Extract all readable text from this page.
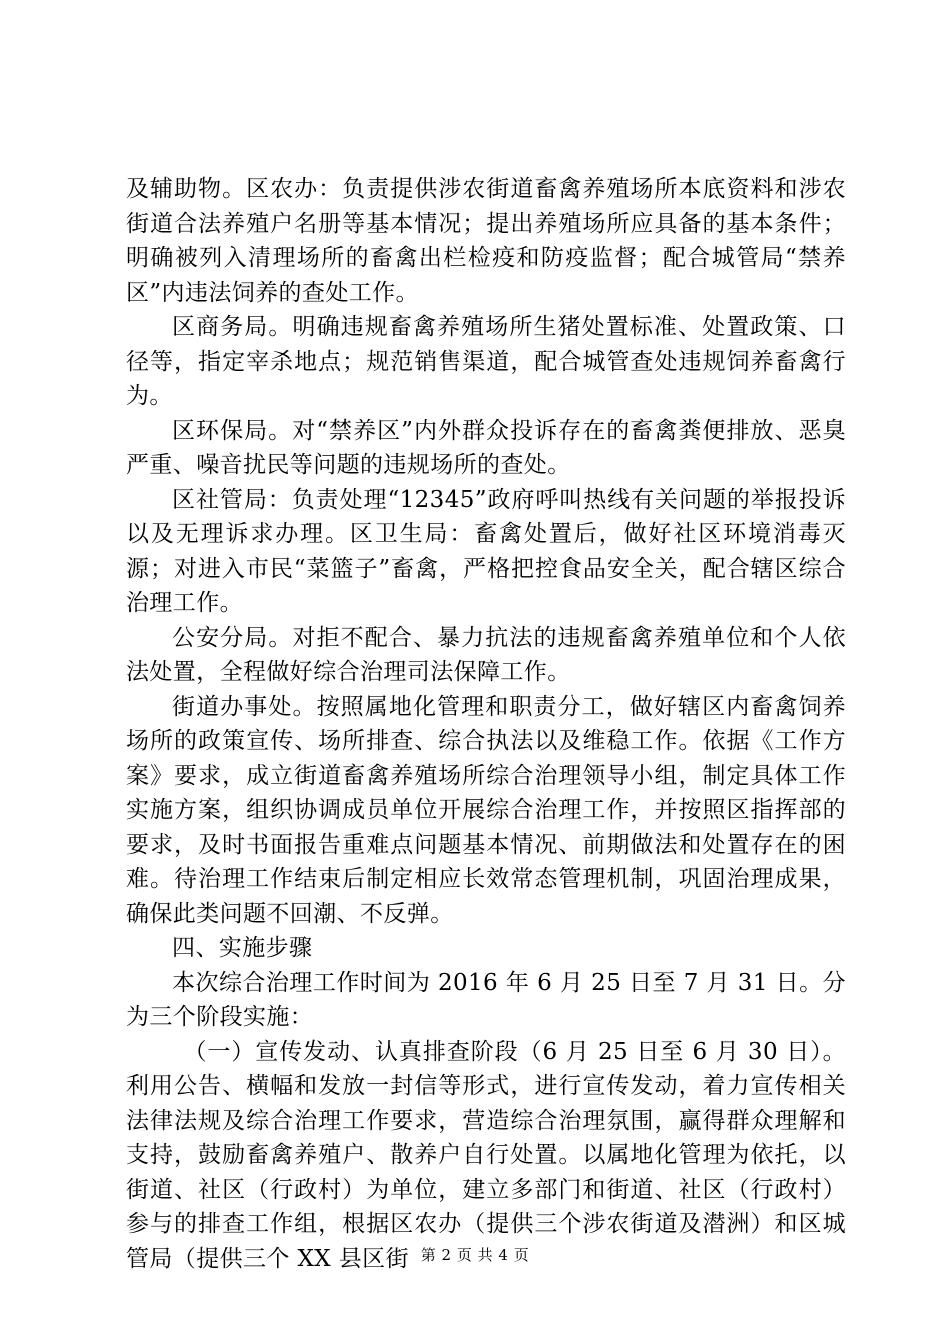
及辅助物。区农办：负责提供涉农街道畜禽养殖场所本底资料和涉农街道合法养殖户名册等基本情况；提出养殖场所应具备的基本条件；明确被列入清理场所的畜禽出栏检疫和防疫监督；配合城管局“禁养区”内违法饲养的查处工作。

区商务局。明确违规畜禽养殖场所生猪处置标准、处置政策、口径等，指定宰杀地点；规范销售渠道，配合城管查处违规饲养畜禽行为。

区环保局。对“禁养区”内外群众投诉存在的畜禽粪便排放、恶臭严重、噪音扰民等问题的违规场所的查处。

区社管局：负责处理“12345”政府呼叫热线有关问题的举报投诉以及无理诉求办理。区卫生局：畜禽处置后，做好社区环境消毒灭源；对进入市民“菜篮子”畜禽，严格把控食品安全关，配合辖区综合治理工作。

公安分局。对拒不配合、暴力抗法的违规畜禽养殖单位和个人依法处置，全程做好综合治理司法保障工作。

街道办事处。按照属地化管理和职责分工，做好辖区内畜禽饲养场所的政策宣传、场所排查、综合执法以及维稳工作。依据《工作方案》要求，成立街道畜禽养殖场所综合治理领导小组，制定具体工作实施方案，组织协调成员单位开展综合治理工作，并按照区指挥部的要求，及时书面报告重难点问题基本情况、前期做法和处置存在的困难。待治理工作结束后制定相应长效常态管理机制，巩固治理成果，确保此类问题不回潮、不反弹。

四、实施步骤

本次综合治理工作时间为 2016 年 6 月 25 日至 7 月 31 日。分为三个阶段实施：

（一）宣传发动、认真排查阶段（6 月 25 日至 6 月 30 日）。利用公告、横幅和发放一封信等形式，进行宣传发动，着力宣传相关法律法规及综合治理工作要求，营造综合治理氛围，赢得群众理解和支持，鼓励畜禽养殖户、散养户自行处置。以属地化管理为依托，以街道、社区（行政村）为单位，建立多部门和街道、社区（行政村）参与的排查工作组，根据区农办（提供三个涉农街道及潜洲）和区城管局（提供三个 XX 县区街 第 2 页 共 4 页
